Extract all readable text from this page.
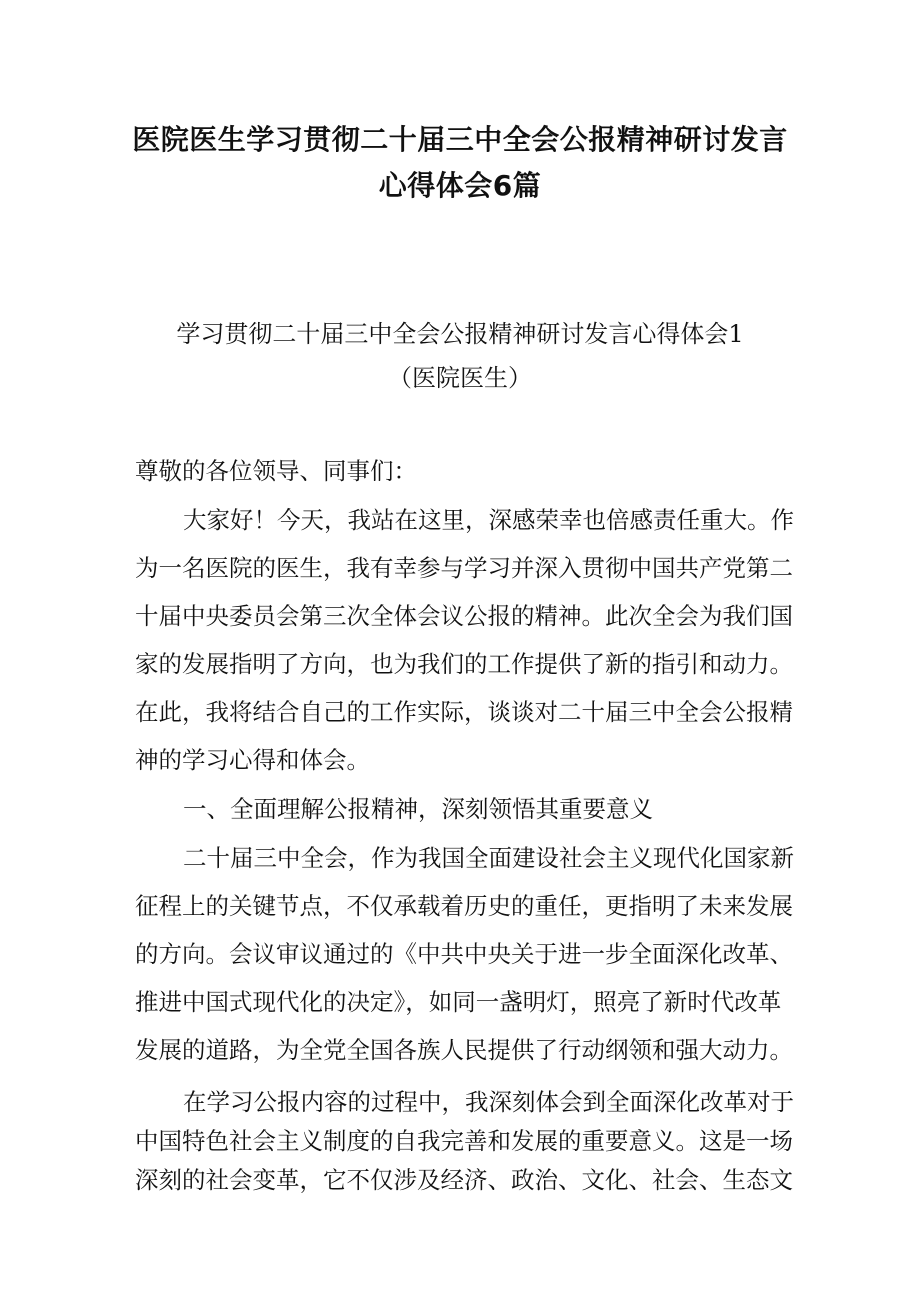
医院医生学习贯彻二十届三中全会公报精神研讨发言
心得体会6篇
学习贯彻二十届三中全会公报精神研讨发言心得体会1
（医院医生）
尊敬的各位领导、同事们：
大家好！今天，我站在这里，深感荣幸也倍感责任重大。作
为一名医院的医生，我有幸参与学习并深入贯彻中国共产党第二
十届中央委员会第三次全体会议公报的精神。此次全会为我们国
家的发展指明了方向，也为我们的工作提供了新的指引和动力。
在此，我将结合自己的工作实际，谈谈对二十届三中全会公报精
神的学习心得和体会。
一、全面理解公报精神，深刻领悟其重要意义
二十届三中全会，作为我国全面建设社会主义现代化国家新
征程上的关键节点，不仅承载着历史的重任，更指明了未来发展
的方向。会议审议通过的《中共中央关于进一步全面深化改革、
推进中国式现代化的决定》，如同一盏明灯，照亮了新时代改革
发展的道路，为全党全国各族人民提供了行动纲领和强大动力。
在学习公报内容的过程中，我深刻体会到全面深化改革对于
中国特色社会主义制度的自我完善和发展的重要意义。这是一场
深刻的社会变革，它不仅涉及经济、政治、文化、社会、生态文
